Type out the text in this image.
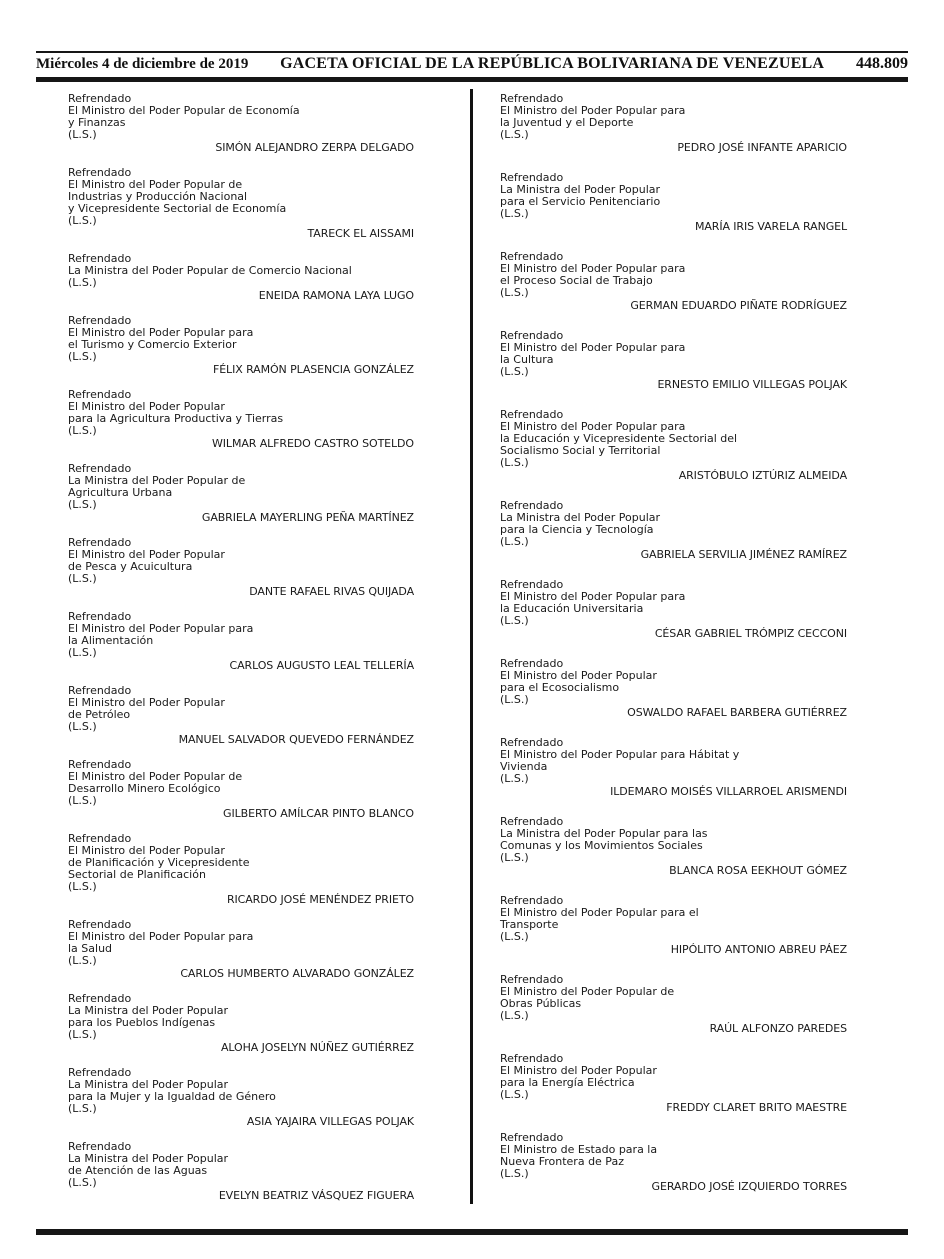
Miércoles 4 de diciembre de 2019	GACETA OFICIAL DE LA REPÚBLICA BOLIVARIANA DE VENEZUELA	448.809
Refrendado
El Ministro del Poder Popular de Economía
y Finanzas
(L.S.)
SIMÓN ALEJANDRO ZERPA DELGADO
Refrendado
El Ministro del Poder Popular de
Industrias y Producción Nacional
y Vicepresidente Sectorial de Economía
(L.S.)
TARECK EL AISSAMI
Refrendado
La Ministra del Poder Popular de Comercio Nacional
(L.S.)
ENEIDA RAMONA LAYA LUGO
Refrendado
El Ministro del Poder Popular para
el Turismo y Comercio Exterior
(L.S.)
FÉLIX RAMÓN PLASENCIA GONZÁLEZ
Refrendado
El Ministro del Poder Popular
para la Agricultura Productiva y Tierras
(L.S.)
WILMAR ALFREDO CASTRO SOTELDO
Refrendado
La Ministra del Poder Popular de
Agricultura Urbana
(L.S.)
GABRIELA MAYERLING PEÑA MARTÍNEZ
Refrendado
El Ministro del Poder Popular
de Pesca y Acuicultura
(L.S.)
DANTE RAFAEL RIVAS QUIJADA
Refrendado
El Ministro del Poder Popular para
la Alimentación
(L.S.)
CARLOS AUGUSTO LEAL TELLERÍA
Refrendado
El Ministro del Poder Popular
de Petróleo
(L.S.)
MANUEL SALVADOR QUEVEDO FERNÁNDEZ
Refrendado
El Ministro del Poder Popular de
Desarrollo Minero Ecológico
(L.S.)
GILBERTO AMÍLCAR PINTO BLANCO
Refrendado
El Ministro del Poder Popular
de Planificación y Vicepresidente
Sectorial de Planificación
(L.S.)
RICARDO JOSÉ MENÉNDEZ PRIETO
Refrendado
El Ministro del Poder Popular para
la Salud
(L.S.)
CARLOS HUMBERTO ALVARADO GONZÁLEZ
Refrendado
La Ministra del Poder Popular
para los Pueblos Indígenas
(L.S.)
ALOHA JOSELYN NÚÑEZ GUTIÉRREZ
Refrendado
La Ministra del Poder Popular
para la Mujer y la Igualdad de Género
(L.S.)
ASIA YAJAIRA VILLEGAS POLJAK
Refrendado
La Ministra del Poder Popular
de Atención de las Aguas
(L.S.)
EVELYN BEATRIZ VÁSQUEZ FIGUERA
Refrendado
El Ministro del Poder Popular para
la Juventud y el Deporte
(L.S.)
PEDRO JOSÉ INFANTE APARICIO
Refrendado
La Ministra del Poder Popular
para el Servicio Penitenciario
(L.S.)
MARÍA IRIS VARELA RANGEL
Refrendado
El Ministro del Poder Popular para
el Proceso Social de Trabajo
(L.S.)
GERMAN EDUARDO PIÑATE RODRÍGUEZ
Refrendado
El Ministro del Poder Popular para
la Cultura
(L.S.)
ERNESTO EMILIO VILLEGAS POLJAK
Refrendado
El Ministro del Poder Popular para
la Educación y Vicepresidente Sectorial del
Socialismo Social y Territorial
(L.S.)
ARISTÓBULO IZTÚRIZ ALMEIDA
Refrendado
La Ministra del Poder Popular
para la Ciencia y Tecnología
(L.S.)
GABRIELA SERVILIA JIMÉNEZ RAMÍREZ
Refrendado
El Ministro del Poder Popular para
la Educación Universitaria
(L.S.)
CÉSAR GABRIEL TRÓMPIZ CECCONI
Refrendado
El Ministro del Poder Popular
para el Ecosocialismo
(L.S.)
OSWALDO RAFAEL BARBERA GUTIÉRREZ
Refrendado
El Ministro del Poder Popular para Hábitat y
Vivienda
(L.S.)
ILDEMARO MOISÉS VILLARROEL ARISMENDI
Refrendado
La Ministra del Poder Popular para las
Comunas y los Movimientos Sociales
(L.S.)
BLANCA ROSA EEKHOUT GÓMEZ
Refrendado
El Ministro del Poder Popular para el
Transporte
(L.S.)
HIPÓLITO ANTONIO ABREU PÁEZ
Refrendado
El Ministro del Poder Popular de
Obras Públicas
(L.S.)
RAÚL ALFONZO PAREDES
Refrendado
El Ministro del Poder Popular
para la Energía Eléctrica
(L.S.)
FREDDY CLARET BRITO MAESTRE
Refrendado
El Ministro de Estado para la
Nueva Frontera de Paz
(L.S.)
GERARDO JOSÉ IZQUIERDO TORRES
